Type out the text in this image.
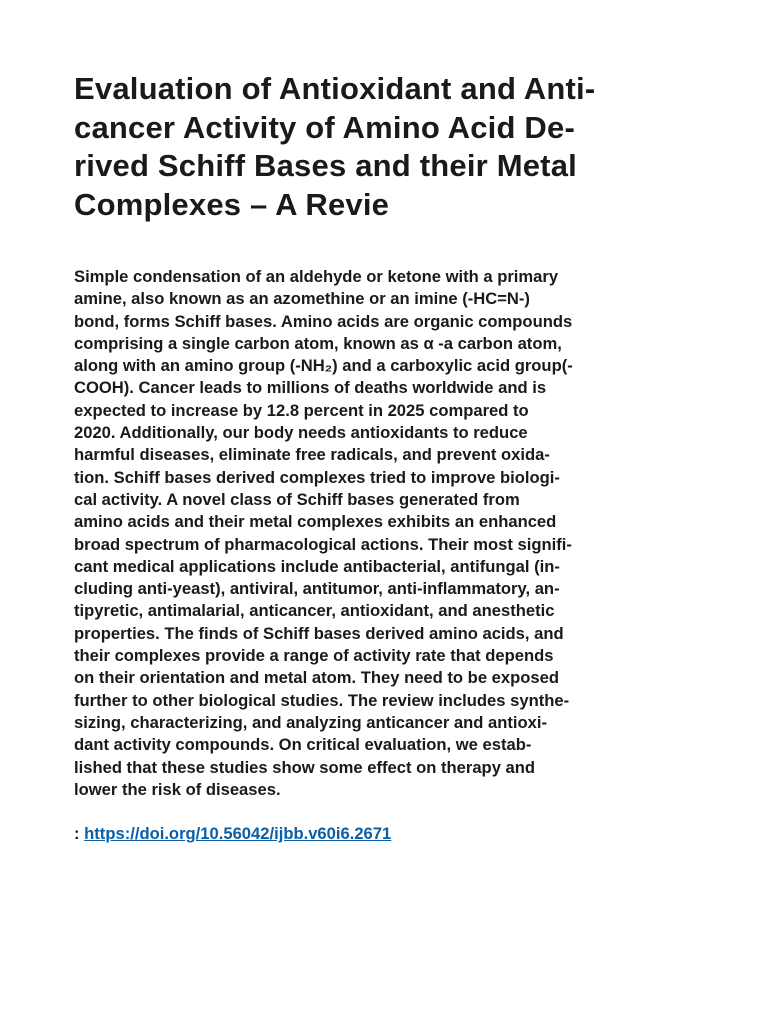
Evaluation of Antioxidant and Anti-
cancer Activity of Amino Acid De-
rived Schiff Bases and their Metal
Complexes – A Revie

Simple condensation of an aldehyde or ketone with a primary
amine, also known as an azomethine or an imine (-HC=N-)
bond, forms Schiff bases. Amino acids are organic compounds
comprising a single carbon atom, known as α -a carbon atom,
along with an amino group (-NH₂) and a carboxylic acid group(-
COOH). Cancer leads to millions of deaths worldwide and is
expected to increase by 12.8 percent in 2025 compared to
2020. Additionally, our body needs antioxidants to reduce
harmful diseases, eliminate free radicals, and prevent oxida-
tion. Schiff bases derived complexes tried to improve biologi-
cal activity. A novel class of Schiff bases generated from
amino acids and their metal complexes exhibits an enhanced
broad spectrum of pharmacological actions. Their most signifi-
cant medical applications include antibacterial, antifungal (in-
cluding anti-yeast), antiviral, antitumor, anti-inflammatory, an-
tipyretic, antimalarial, anticancer, antioxidant, and anesthetic
properties. The finds of Schiff bases derived amino acids, and
their complexes provide a range of activity rate that depends
on their orientation and metal atom. They need to be exposed
further to other biological studies. The review includes synthe-
sizing, characterizing, and analyzing anticancer and antioxi-
dant activity compounds. On critical evaluation, we estab-
lished that these studies show some effect on therapy and
lower the risk of diseases.

: https://doi.org/10.56042/ijbb.v60i6.2671
